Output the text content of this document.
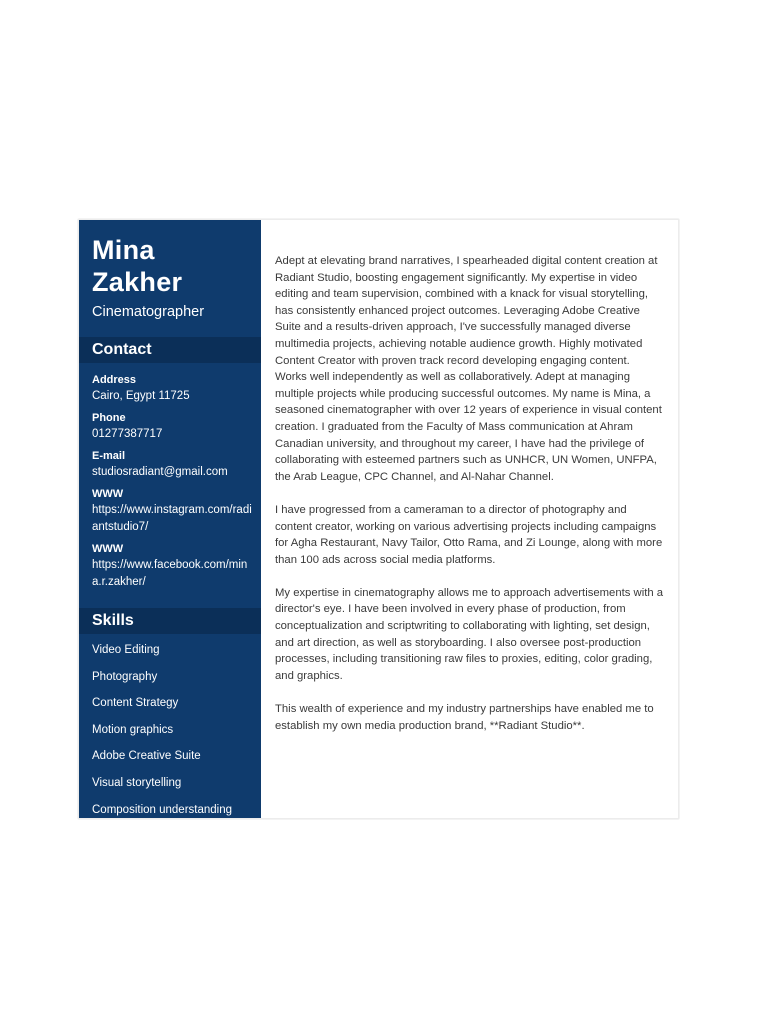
Mina
Zakher
Cinematographer
Contact
Address
Cairo, Egypt 11725
Phone
01277387717
E-mail
studiosradiant@gmail.com
WWW
https://www.instagram.com/radiantstudio7/
WWW
https://www.facebook.com/mina.r.zakher/
Skills
Video Editing
Photography
Content Strategy
Motion graphics
Adobe Creative Suite
Visual storytelling
Composition understanding

Adept at elevating brand narratives, I spearheaded digital content creation at Radiant Studio, boosting engagement significantly. My expertise in video editing and team supervision, combined with a knack for visual storytelling, has consistently enhanced project outcomes. Leveraging Adobe Creative Suite and a results-driven approach, I've successfully managed diverse multimedia projects, achieving notable audience growth. Highly motivated Content Creator with proven track record developing engaging content. Works well independently as well as collaboratively. Adept at managing multiple projects while producing successful outcomes. My name is Mina, a seasoned cinematographer with over 12 years of experience in visual content creation. I graduated from the Faculty of Mass communication at Ahram Canadian university, and throughout my career, I have had the privilege of collaborating with esteemed partners such as UNHCR, UN Women, UNFPA, the Arab League, CPC Channel, and Al-Nahar Channel.

I have progressed from a cameraman to a director of photography and content creator, working on various advertising projects including campaigns for Agha Restaurant, Navy Tailor, Otto Rama, and Zi Lounge, along with more than 100 ads across social media platforms.

My expertise in cinematography allows me to approach advertisements with a director's eye. I have been involved in every phase of production, from conceptualization and scriptwriting to collaborating with lighting, set design, and art direction, as well as storyboarding. I also oversee post-production processes, including transitioning raw files to proxies, editing, color grading, and graphics.

This wealth of experience and my industry partnerships have enabled me to establish my own media production brand, **Radiant Studio**.
